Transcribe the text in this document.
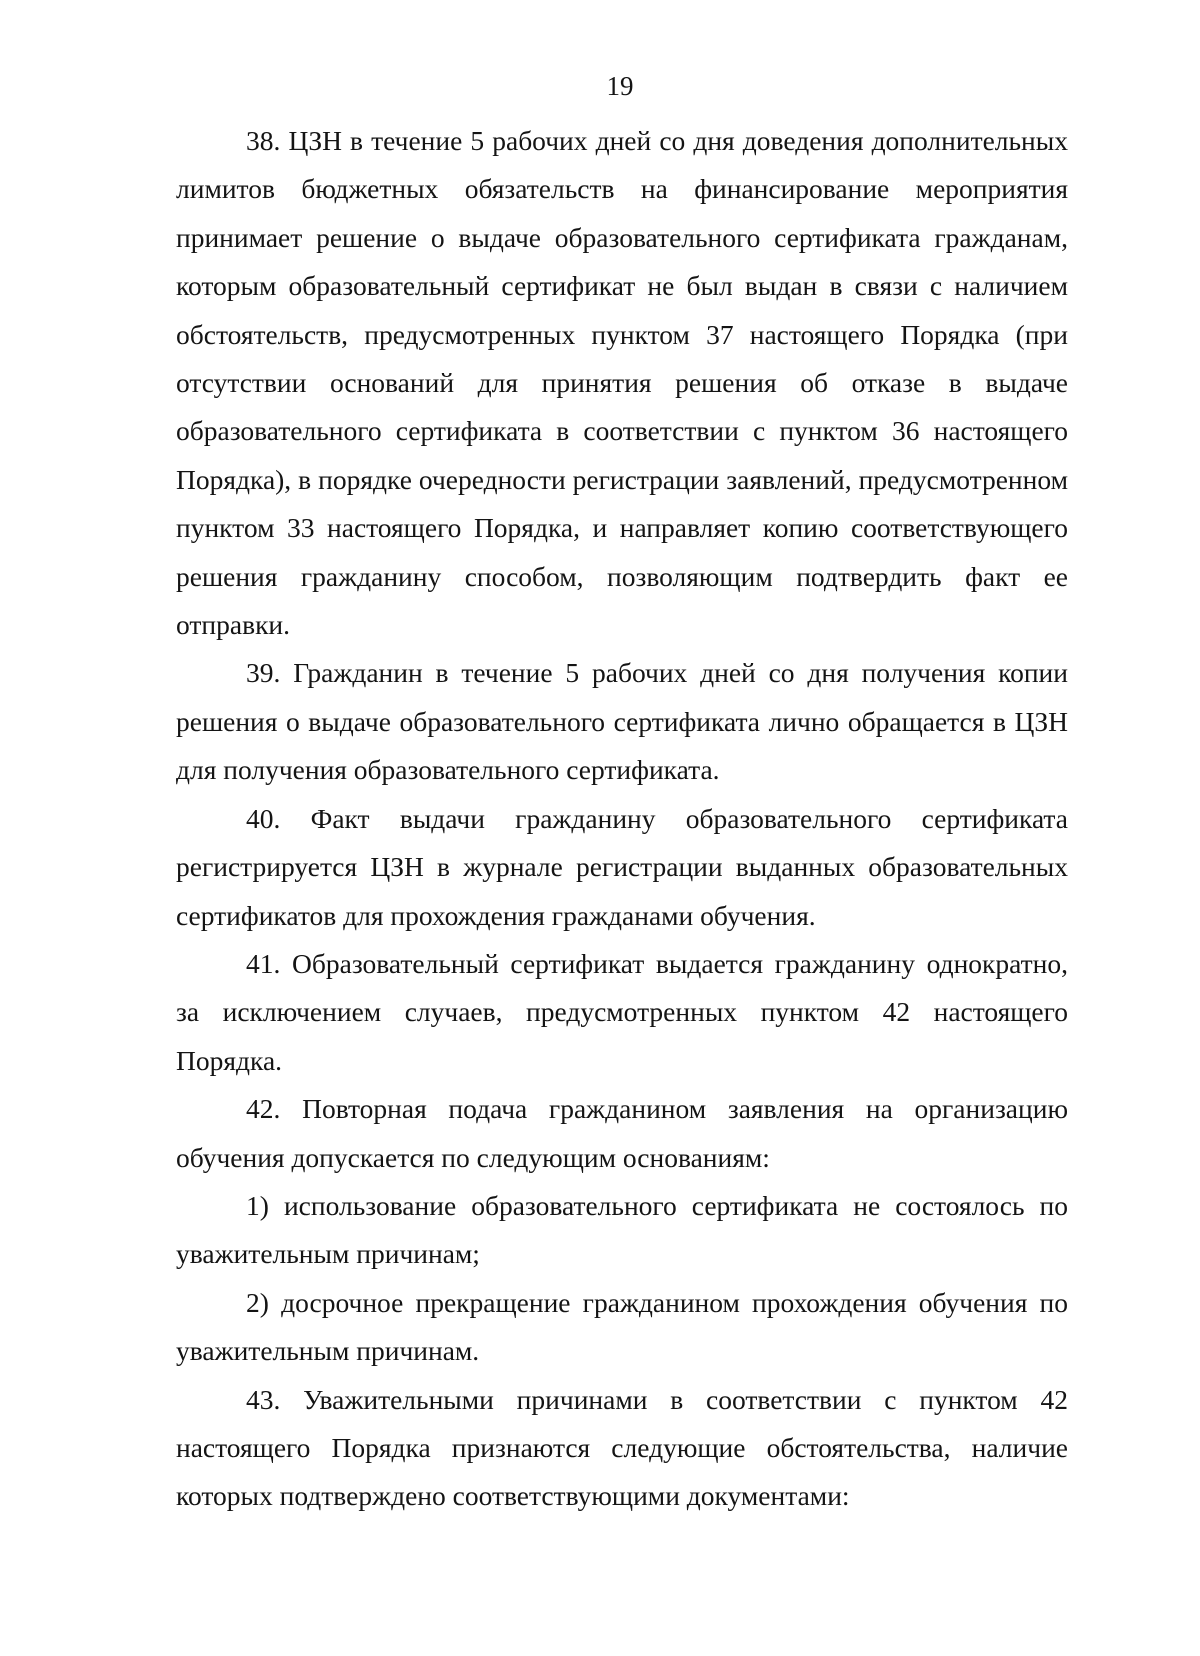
19

38. ЦЗН в течение 5 рабочих дней со дня доведения дополнительных лимитов бюджетных обязательств на финансирование мероприятия принимает решение о выдаче образовательного сертификата гражданам, которым образовательный сертификат не был выдан в связи с наличием обстоятельств, предусмотренных пунктом 37 настоящего Порядка (при отсутствии оснований для принятия решения об отказе в выдаче образовательного сертификата в соответствии с пунктом 36 настоящего Порядка), в порядке очередности регистрации заявлений, предусмотренном пунктом 33 настоящего Порядка, и направляет копию соответствующего решения гражданину способом, позволяющим подтвердить факт ее отправки.

39. Гражданин в течение 5 рабочих дней со дня получения копии решения о выдаче образовательного сертификата лично обращается в ЦЗН для получения образовательного сертификата.

40. Факт выдачи гражданину образовательного сертификата регистрируется ЦЗН в журнале регистрации выданных образовательных сертификатов для прохождения гражданами обучения.

41. Образовательный сертификат выдается гражданину однократно, за исключением случаев, предусмотренных пунктом 42 настоящего Порядка.

42. Повторная подача гражданином заявления на организацию обучения допускается по следующим основаниям:

1) использование образовательного сертификата не состоялось по уважительным причинам;

2) досрочное прекращение гражданином прохождения обучения по уважительным причинам.

43. Уважительными причинами в соответствии с пунктом 42 настоящего Порядка признаются следующие обстоятельства, наличие которых подтверждено соответствующими документами:
